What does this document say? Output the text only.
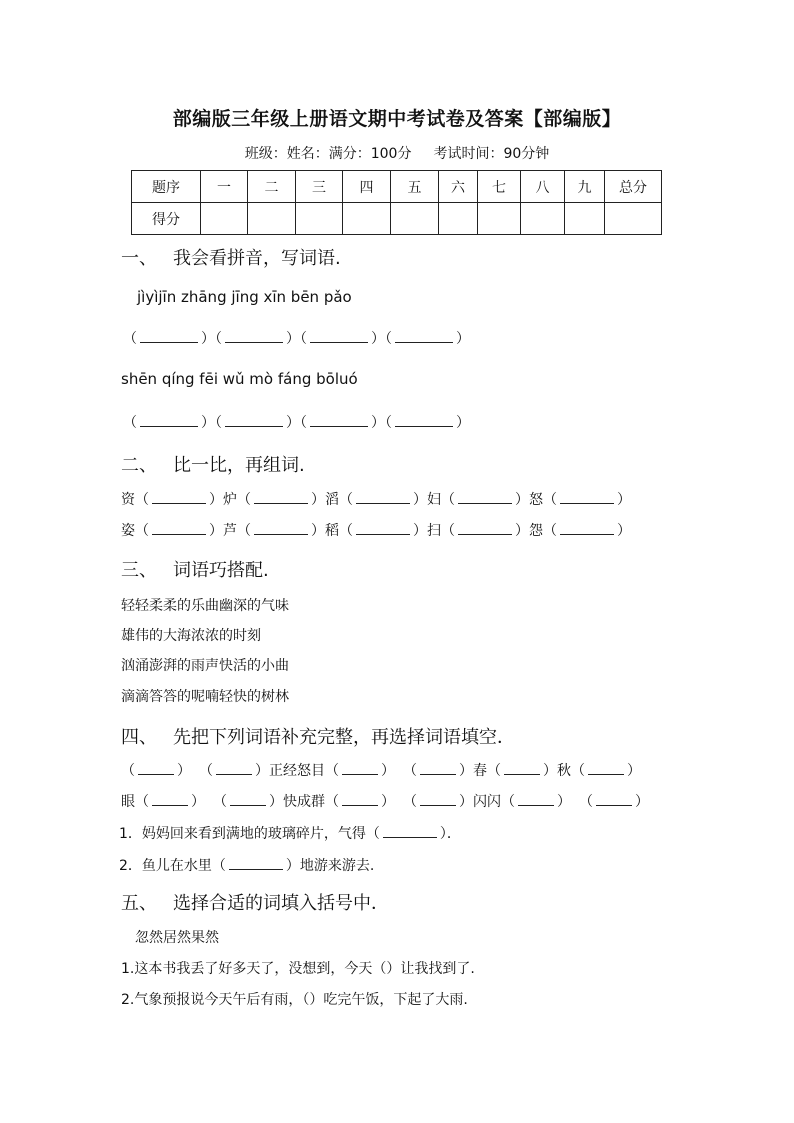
部编版三年级上册语文期中考试卷及答案【部编版】
班级：姓名：满分：100分 考试时间：90分钟
题序	一	二	三	四	五	六	七	八	九	总分
得分										
一、 我会看拼音，写词语.
jìyìjīn zhāng jīng xīn bēn pǎo
（	）（	）（	）（	）
shēn qíng fēi wǔ mò fáng bōluó
（	）（	）（	）（	）
二、 比一比，再组词.
资（	）炉（	）滔（	）妇（	）怒（	）
姿（	）芦（	）稻（	）扫（	）怨（	）
三、 词语巧搭配.
轻轻柔柔的乐曲幽深的气味
雄伟的大海浓浓的时刻
汹涌澎湃的雨声快活的小曲
滴滴答答的呢喃轻快的树林
四、 先把下列词语补充完整，再选择词语填空．
（	） （	）正经怒目（	） （	）春（	）秋（	）
眼（	） （	）快成群（	） （	）闪闪（	） （	）
1．妈妈回来看到满地的玻璃碎片，气得（	）．
2．鱼儿在水里（	）地游来游去.
五、 选择合适的词填入括号中．
忽然居然果然
1.这本书我丢了好多天了，没想到，今天（）让我找到了.
2.气象预报说今天午后有雨，（）吃完午饭，下起了大雨.
